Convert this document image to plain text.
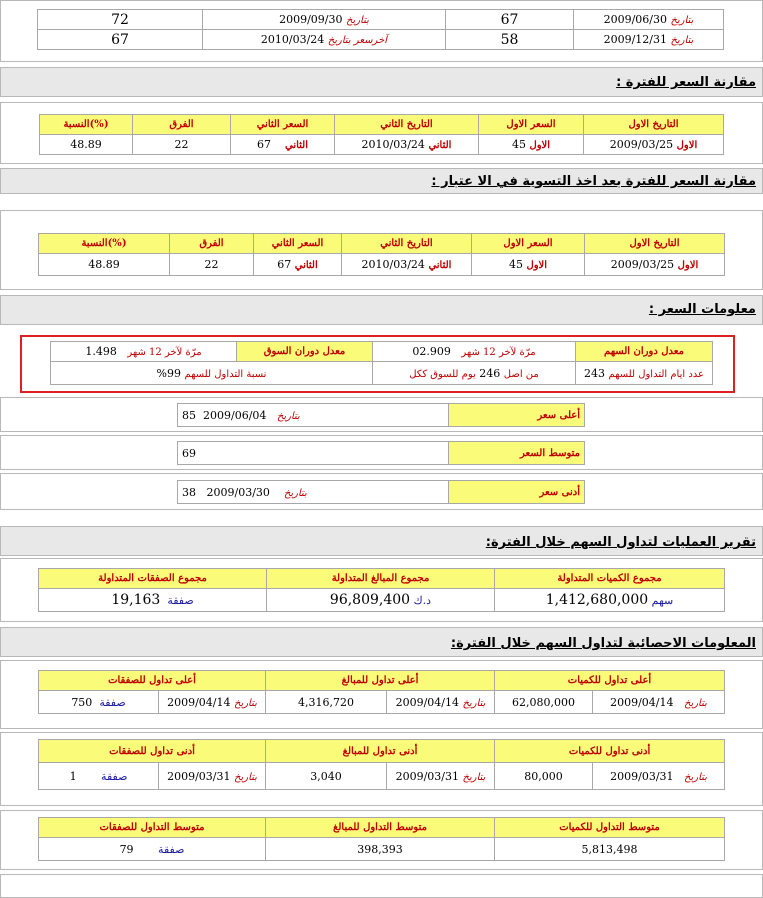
72	بتاريخ 2009/09/30	67	بتاريخ 2009/06/30
67	آخرسعر بتاريخ 2010/03/24	58	بتاريخ 2009/12/31
مقارنة السعر للفترة :
(%)النسبة	الفرق	السعر الثاني	التاريخ الثاني	السعر الاول	التاريخ الاول
48.89	22	الثاني    67	الثاني 2010/03/24	الاول 45	الاول 2009/03/25
مقارنة السعر للفترة بعد اخذ التسوية في الا عتبار :
(%)النسبة	الفرق	السعر الثاني	التاريخ الثاني	السعر الاول	التاريخ الاول
48.89	22	الثاني 67	الثاني 2010/03/24	الاول 45	الاول 2009/03/25
معلومات السعر :
مرّة لآخر 12 شهر   1.498	معدل دوران السوق	مرّة لآخر 12 شهر   02.909	معدل دوران السهم
نسبة التداول للسهم 99%		من اصل 246 يوم للسوق ككل	عدد ايام التداول للسهم 243
85 2009/06/04 بتاريخ	أعلى سعر
69	متوسط السعر
38 2009/03/30 بتاريخ	أدنى سعر
تقرير العمليات لتداول السهم خلال الفترة:
مجموع الصفقات المتداولة	مجموع المبالغ المتداولة	مجموع الكميات المتداولة
صفقة  19,163	د.ك 96,809,400	سهم 1,412,680,000
المعلومات الاحصائية لتداول السهم خلال الفترة:
أعلى تداول للصفقات		أعلى تداول للمبالغ		أعلى تداول للكميات	
صفقة  750	بتاريخ 2009/04/14	4,316,720	بتاريخ 2009/04/14	62,080,000	بتاريخ   2009/04/14
أدنى تداول للصفقات		أدنى تداول للمبالغ		أدنى تداول للكميات	
صفقة       1	بتاريخ 2009/03/31	3,040	بتاريخ 2009/03/31	80,000	بتاريخ   2009/03/31
متوسط التداول للصفقات	متوسط التداول للمبالغ	متوسط التداول للكميات
صفقة       79	398,393	5,813,498
